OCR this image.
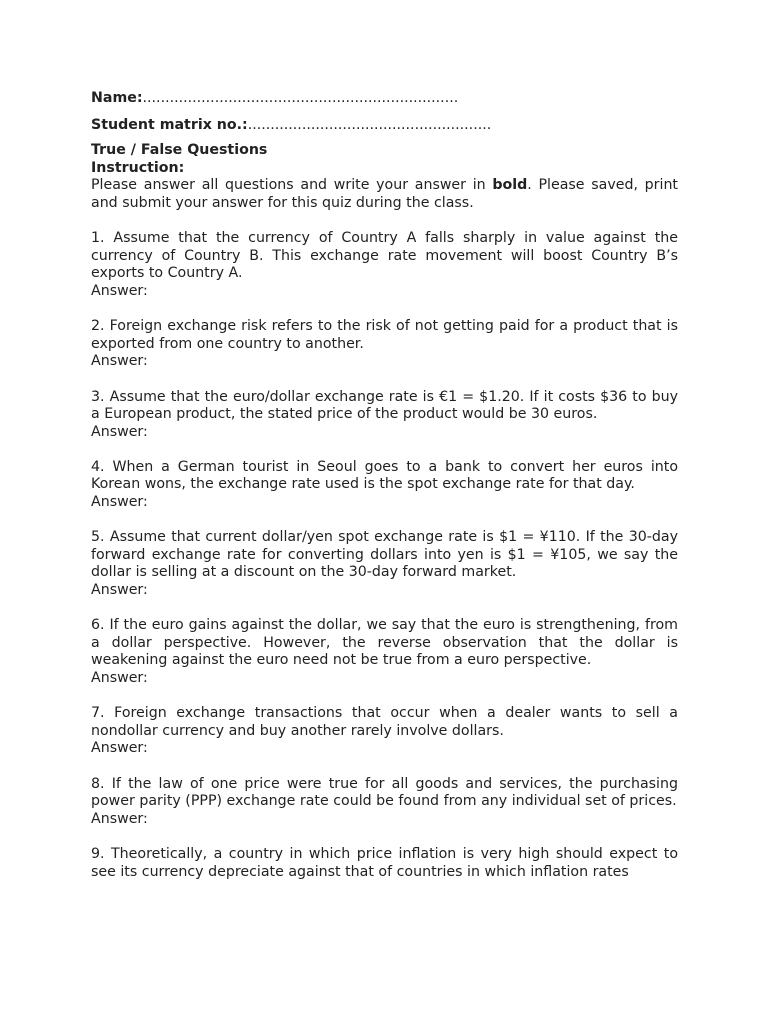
Name:......................................................................

Student matrix no.:......................................................

True / False Questions

Instruction:

Please answer all questions and write your answer in bold. Please saved, print and submit your answer for this quiz during the class.

1. Assume that the currency of Country A falls sharply in value against the currency of Country B. This exchange rate movement will boost Country B’s exports to Country A.

Answer:

2. Foreign exchange risk refers to the risk of not getting paid for a product that is exported from one country to another.

Answer:

3. Assume that the euro/dollar exchange rate is €1 = $1.20. If it costs $36 to buy a European product, the stated price of the product would be 30 euros.

Answer:

4. When a German tourist in Seoul goes to a bank to convert her euros into Korean wons, the exchange rate used is the spot exchange rate for that day.

Answer:

5. Assume that current dollar/yen spot exchange rate is $1 = ¥110. If the 30-day forward exchange rate for converting dollars into yen is $1 = ¥105, we say the dollar is selling at a discount on the 30-day forward market.

Answer:

6. If the euro gains against the dollar, we say that the euro is strengthening, from a dollar perspective. However, the reverse observation that the dollar is weakening against the euro need not be true from a euro perspective.

Answer:

7. Foreign exchange transactions that occur when a dealer wants to sell a nondollar currency and buy another rarely involve dollars.

Answer:

8. If the law of one price were true for all goods and services, the purchasing power parity (PPP) exchange rate could be found from any individual set of prices.

Answer:

9. Theoretically, a country in which price inflation is very high should expect to see its currency depreciate against that of countries in which inflation rates
